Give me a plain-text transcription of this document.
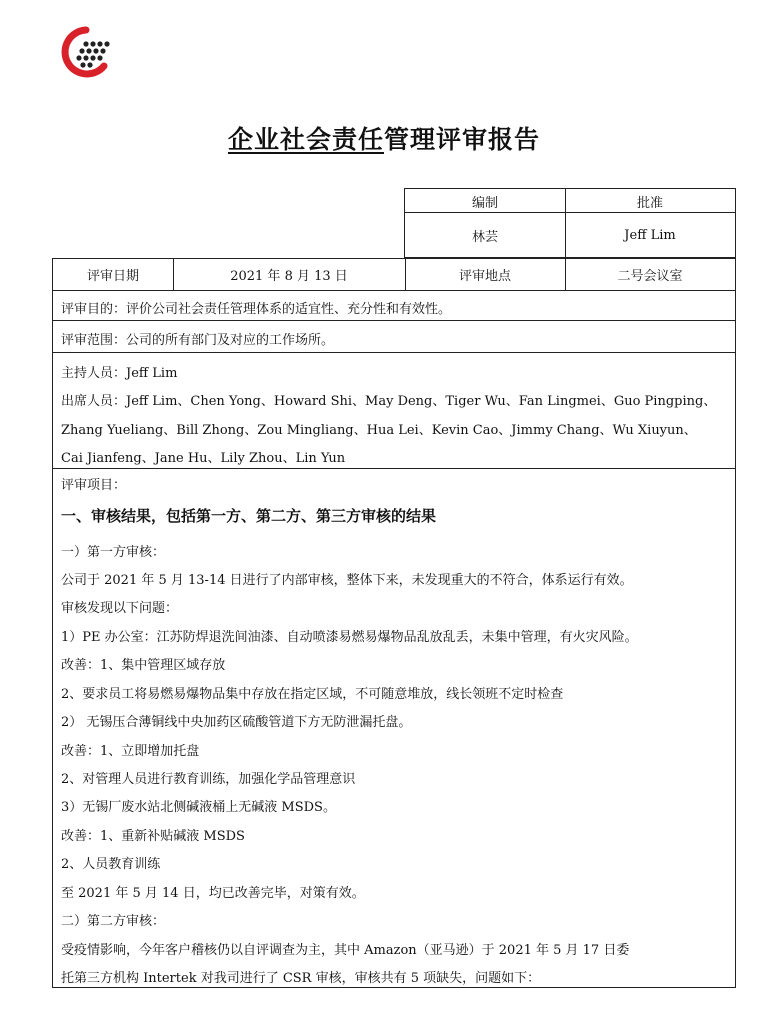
企业社会责任管理评审报告
编制	批准
林芸	Jeff Lim
评审日期	2021 年 8 月 13 日	评审地点	二号会议室
评审目的：评价公司社会责任管理体系的适宜性、充分性和有效性。
评审范围：公司的所有部门及对应的工作场所。
主持人员：Jeff Lim
出席人员：Jeff Lim、Chen Yong、Howard Shi、May Deng、Tiger Wu、Fan Lingmei、Guo Pingping、
Zhang Yueliang、Bill Zhong、Zou Mingliang、Hua Lei、Kevin Cao、Jimmy Chang、Wu Xiuyun、
Cai Jianfeng、Jane Hu、Lily Zhou、Lin Yun
评审项目：
一、审核结果，包括第一方、第二方、第三方审核的结果
一）第一方审核：
公司于 2021 年 5 月 13-14 日进行了内部审核，整体下来，未发现重大的不符合，体系运行有效。
审核发现以下问题：
1）PE 办公室：江苏防焊退洗间油漆、自动喷漆易燃易爆物品乱放乱丢，未集中管理，有火灾风险。
改善：1、集中管理区域存放
2、要求员工将易燃易爆物品集中存放在指定区域，不可随意堆放，线长领班不定时检查
2） 无锡压合薄铜线中央加药区硫酸管道下方无防泄漏托盘。
改善：1、立即增加托盘
2、对管理人员进行教育训练，加强化学品管理意识
3）无锡厂废水站北侧碱液桶上无碱液 MSDS。
改善：1、重新补贴碱液 MSDS
2、人员教育训练
至 2021 年 5 月 14 日，均已改善完毕，对策有效。
二）第二方审核：
受疫情影响，今年客户稽核仍以自评调查为主，其中 Amazon（亚马逊）于 2021 年 5 月 17 日委
托第三方机构 Intertek 对我司进行了 CSR 审核，审核共有 5 项缺失，问题如下：
